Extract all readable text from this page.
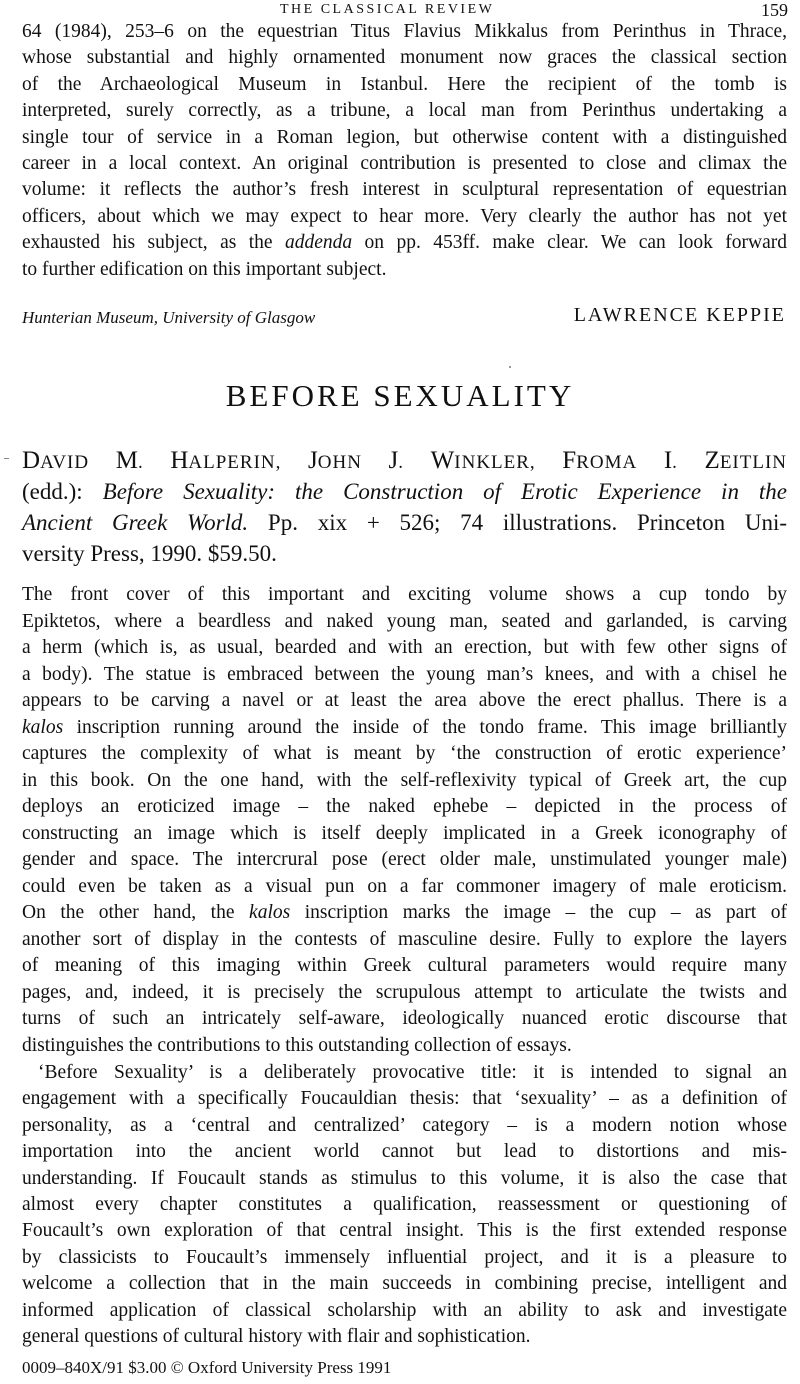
THE CLASSICAL REVIEW	159
64 (1984), 253–6 on the equestrian Titus Flavius Mikkalus from Perinthus in Thrace,
whose substantial and highly ornamented monument now graces the classical section
of the Archaeological Museum in Istanbul. Here the recipient of the tomb is
interpreted, surely correctly, as a tribune, a local man from Perinthus undertaking a
single tour of service in a Roman legion, but otherwise content with a distinguished
career in a local context. An original contribution is presented to close and climax the
volume: it reflects the author’s fresh interest in sculptural representation of equestrian
officers, about which we may expect to hear more. Very clearly the author has not yet
exhausted his subject, as the addenda on pp. 453ff. make clear. We can look forward
to further edification on this important subject.
Hunterian Museum, University of Glasgow	LAWRENCE KEPPIE
BEFORE SEXUALITY
DAVID M. HALPERIN, JOHN J. WINKLER, FROMA I. ZEITLIN
(edd.): Before Sexuality: the Construction of Erotic Experience in the
Ancient Greek World. Pp. xix + 526; 74 illustrations. Princeton Uni-
versity Press, 1990. $59.50.
The front cover of this important and exciting volume shows a cup tondo by
Epiktetos, where a beardless and naked young man, seated and garlanded, is carving
a herm (which is, as usual, bearded and with an erection, but with few other signs of
a body). The statue is embraced between the young man’s knees, and with a chisel he
appears to be carving a navel or at least the area above the erect phallus. There is a
kalos inscription running around the inside of the tondo frame. This image brilliantly
captures the complexity of what is meant by ‘the construction of erotic experience’
in this book. On the one hand, with the self-reflexivity typical of Greek art, the cup
deploys an eroticized image – the naked ephebe – depicted in the process of
constructing an image which is itself deeply implicated in a Greek iconography of
gender and space. The intercrural pose (erect older male, unstimulated younger male)
could even be taken as a visual pun on a far commoner imagery of male eroticism.
On the other hand, the kalos inscription marks the image – the cup – as part of
another sort of display in the contests of masculine desire. Fully to explore the layers
of meaning of this imaging within Greek cultural parameters would require many
pages, and, indeed, it is precisely the scrupulous attempt to articulate the twists and
turns of such an intricately self-aware, ideologically nuanced erotic discourse that
distinguishes the contributions to this outstanding collection of essays.
‘Before Sexuality’ is a deliberately provocative title: it is intended to signal an
engagement with a specifically Foucauldian thesis: that ‘sexuality’ – as a definition of
personality, as a ‘central and centralized’ category – is a modern notion whose
importation into the ancient world cannot but lead to distortions and mis-
understanding. If Foucault stands as stimulus to this volume, it is also the case that
almost every chapter constitutes a qualification, reassessment or questioning of
Foucault’s own exploration of that central insight. This is the first extended response
by classicists to Foucault’s immensely influential project, and it is a pleasure to
welcome a collection that in the main succeeds in combining precise, intelligent and
informed application of classical scholarship with an ability to ask and investigate
general questions of cultural history with flair and sophistication.
0009–840X/91 $3.00 © Oxford University Press 1991
